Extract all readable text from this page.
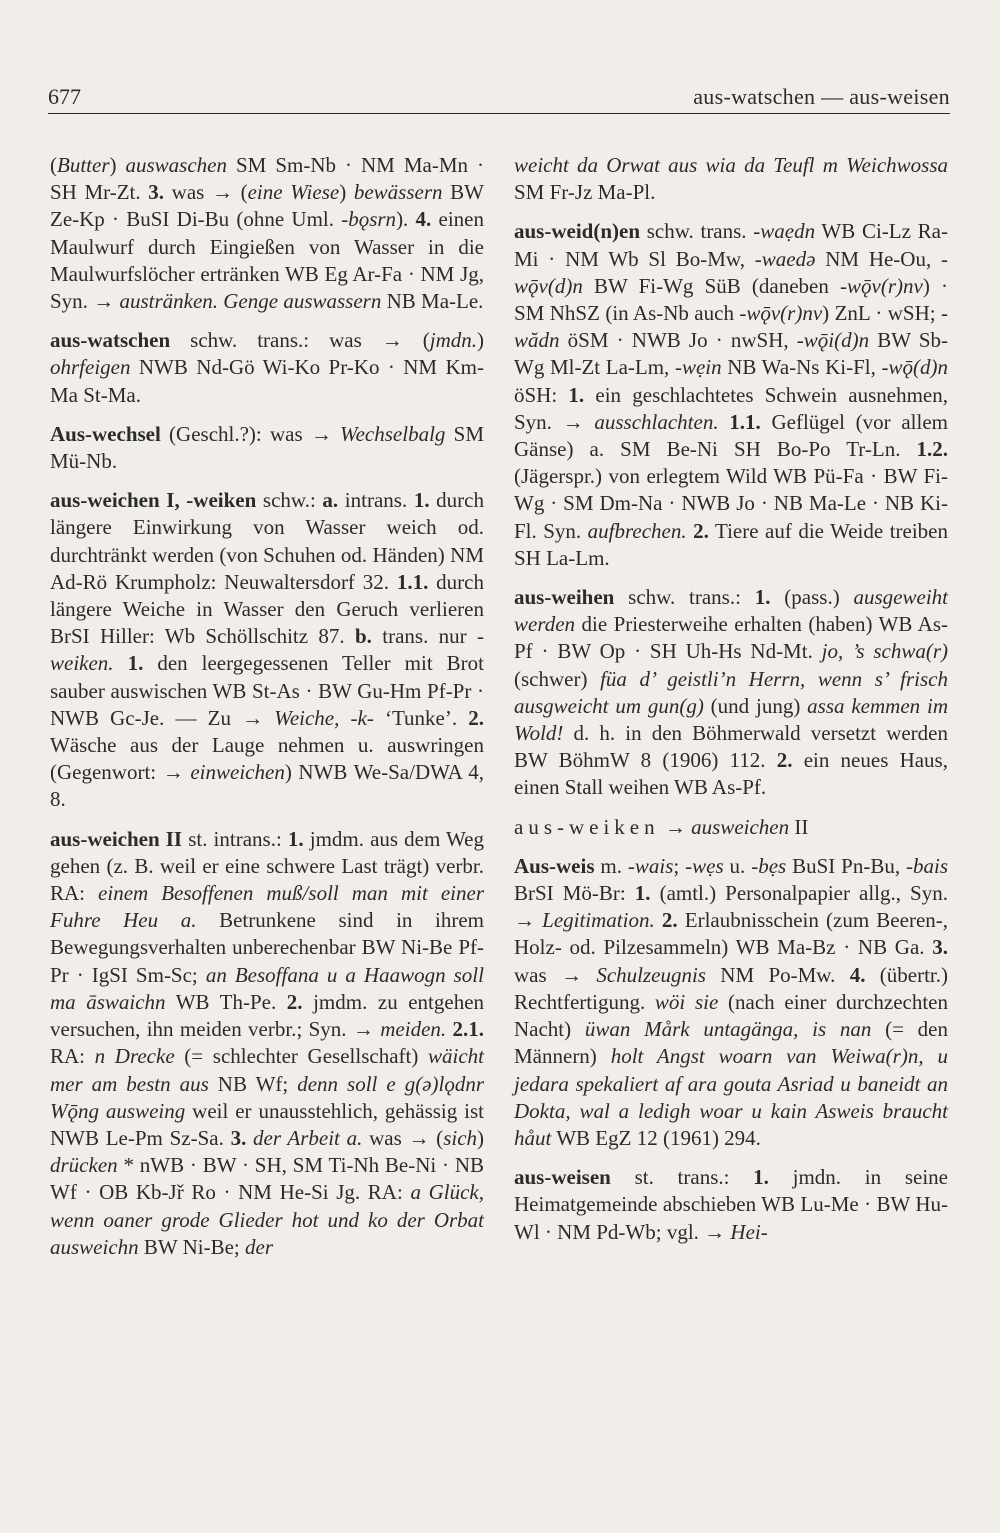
677	aus-watschen — aus-weisen

(Butter) auswaschen SM Sm-Nb · NM Ma-Mn · SH Mr-Zt. 3. was → (eine Wiese) bewässern BW Ze-Kp · BuSI Di-Bu (ohne Uml. -bǫsrn). 4. einen Maulwurf durch Eingießen von Wasser in die Maulwurfslöcher ertränken WB Eg Ar-Fa · NM Jg, Syn. → austränken. Genge auswassern NB Ma-Le.

aus-watschen schw. trans.: was → (jmdn.) ohrfeigen NWB Nd-Gö Wi-Ko Pr-Ko · NM Km-Ma St-Ma.

Aus-wechsel (Geschl.?): was → Wechselbalg SM Mü-Nb.

aus-weichen I, -weiken schw.: a. intrans. 1. durch längere Einwirkung von Wasser weich od. durchtränkt werden (von Schuhen od. Händen) NM Ad-Rö Krumpholz: Neuwaltersdorf 32. 1.1. durch längere Weiche in Wasser den Geruch verlieren BrSI Hiller: Wb Schöllschitz 87. b. trans. nur -weiken. 1. den leergegessenen Teller mit Brot sauber auswischen WB St-As · BW Gu-Hm Pf-Pr · NWB Gc-Je. — Zu → Weiche, -k- ‘Tunke’. 2. Wäsche aus der Lauge nehmen u. auswringen (Gegenwort: → einweichen) NWB We-Sa/DWA 4, 8.

aus-weichen II st. intrans.: 1. jmdm. aus dem Weg gehen (z. B. weil er eine schwere Last trägt) verbr. RA: einem Besoffenen muß/soll man mit einer Fuhre Heu a. Betrunkene sind in ihrem Bewegungsverhalten unberechenbar BW Ni-Be Pf-Pr · IgSI Sm-Sc; an Besoffana u a Haawogn soll ma āswaichn WB Th-Pe. 2. jmdm. zu entgehen versuchen, ihn meiden verbr.; Syn. → meiden. 2.1. RA: n Drecke (= schlechter Gesellschaft) wäicht mer am bestn aus NB Wf; denn soll e g(ə)lǫdnr Wǭng ausweing weil er unausstehlich, gehässig ist NWB Le-Pm Sz-Sa. 3. der Arbeit a. was → (sich) drücken * nWB · BW · SH, SM Ti-Nh Be-Ni · NB Wf · OB Kb-Jř Ro · NM He-Si Jg. RA: a Glück, wenn oaner grode Glieder hot und ko der Orbat ausweichn BW Ni-Be; der

weicht da Orwat aus wia da Teufl m Weichwossa SM Fr-Jz Ma-Pl.

aus-weid(n)en schw. trans. -waẹdn WB Ci-Lz Ra-Mi · NM Wb Sl Bo-Mw, -waedə NM He-Ou, -wǭv(d)n BW Fi-Wg SüB (daneben -wǭv(r)nv) · SM NhSZ (in As-Nb auch -wǭv(r)nv) ZnL · wSH; -wădn öSM · NWB Jo · nwSH, -wǭi(d)n BW Sb-Wg Ml-Zt La-Lm, -wẹin NB Wa-Ns Ki-Fl, -wǭ(d)n öSH: 1. ein geschlachtetes Schwein ausnehmen, Syn. → ausschlachten. 1.1. Geflügel (vor allem Gänse) a. SM Be-Ni SH Bo-Po Tr-Ln. 1.2. (Jägerspr.) von erlegtem Wild WB Pü-Fa · BW Fi-Wg · SM Dm-Na · NWB Jo · NB Ma-Le · NB Ki-Fl. Syn. aufbrechen. 2. Tiere auf die Weide treiben SH La-Lm.

aus-weihen schw. trans.: 1. (pass.) ausgeweiht werden die Priesterweihe erhalten (haben) WB As-Pf · BW Op · SH Uh-Hs Nd-Mt. jo, ’s schwa(r) (schwer) füa d’ geistli’n Herrn, wenn s’ frisch ausgweicht um gun(g) (und jung) assa kemmen im Wold! d. h. in den Böhmerwald versetzt werden BW BöhmW 8 (1906) 112. 2. ein neues Haus, einen Stall weihen WB As-Pf.

aus-weiken → ausweichen II

Aus-weis m. -wais; -wẹs u. -bẹs BuSI Pn-Bu, -bais BrSI Mö-Br: 1. (amtl.) Personalpapier allg., Syn. → Legitimation. 2. Erlaubnisschein (zum Beeren-, Holz- od. Pilzesammeln) WB Ma-Bz · NB Ga. 3. was → Schulzeugnis NM Po-Mw. 4. (übertr.) Rechtfertigung. wöi sie (nach einer durchzechten Nacht) üwan Mårk untagänga, is nan (= den Männern) holt Angst woarn van Weiwa(r)n, u jedara spekaliert af ara gouta Asriad u baneidt an Dokta, wal a ledigh woar u kain Asweis braucht håut WB EgZ 12 (1961) 294.

aus-weisen st. trans.: 1. jmdn. in seine Heimatgemeinde abschieben WB Lu-Me · BW Hu-Wl · NM Pd-Wb; vgl. → Hei-
